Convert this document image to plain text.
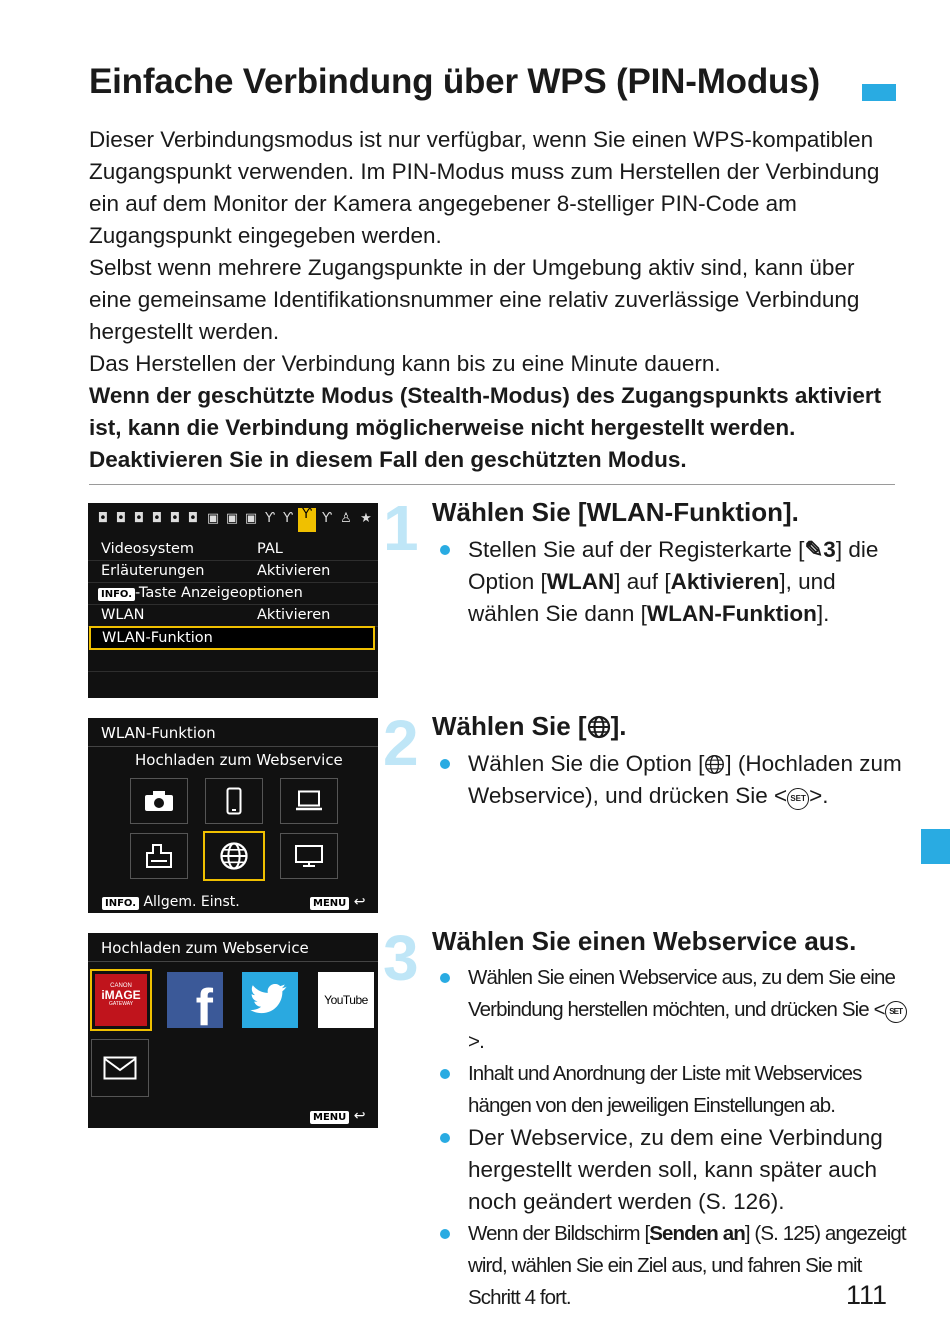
Einfache Verbindung über WPS (PIN-Modus)

Dieser Verbindungsmodus ist nur verfügbar, wenn Sie einen WPS-kompatiblen Zugangspunkt verwenden. Im PIN-Modus muss zum Herstellen der Verbindung ein auf dem Monitor der Kamera angegebener 8-stelliger PIN-Code am Zugangspunkt eingegeben werden.

Selbst wenn mehrere Zugangspunkte in der Umgebung aktiv sind, kann über eine gemeinsame Identifikationsnummer eine relativ zuverlässige Verbindung hergestellt werden.

Das Herstellen der Verbindung kann bis zu eine Minute dauern.

Wenn der geschützte Modus (Stealth-Modus) des Zugangspunkts aktiviert ist, kann die Verbindung möglicherweise nicht hergestellt werden. Deaktivieren Sie in diesem Fall den geschützten Modus.

1 Wählen Sie [WLAN-Funktion].
Stellen Sie auf der Registerkarte [✎3] die Option [WLAN] auf [Aktivieren], und wählen Sie dann [WLAN-Funktion].
◘ ◘ ◘ ◘ ◘ ◘ ▣ ▣ ▣ Ƴ Ƴ Ƴ Ƴ ♙ ★
Videosystem	PAL
Erläuterungen	Aktivieren
INFO. -Taste Anzeigeoptionen
WLAN	Aktivieren
WLAN-Funktion
2 Wählen Sie [ ].
Wählen Sie die Option [ ] (Hochladen zum Webservice), und drücken Sie < SET >.
WLAN-Funktion
Hochladen zum Webservice
INFO. Allgem. Einst.	MENU ↩
3 Wählen Sie einen Webservice aus.
Wählen Sie einen Webservice aus, zu dem Sie eine Verbindung herstellen möchten, und drücken Sie < SET>.
Inhalt und Anordnung der Liste mit Webservices hängen von den jeweiligen Einstellungen ab.
Der Webservice, zu dem eine Verbindung hergestellt werden soll, kann später auch noch geändert werden (S. 126).
Wenn der Bildschirm [Senden an] (S. 125) angezeigt wird, wählen Sie ein Ziel aus, und fahren Sie mit Schritt 4 fort.
Hochladen zum Webservice
CANON
iMAGE
GATEWAY f	YouTube
MENU ↩
111
